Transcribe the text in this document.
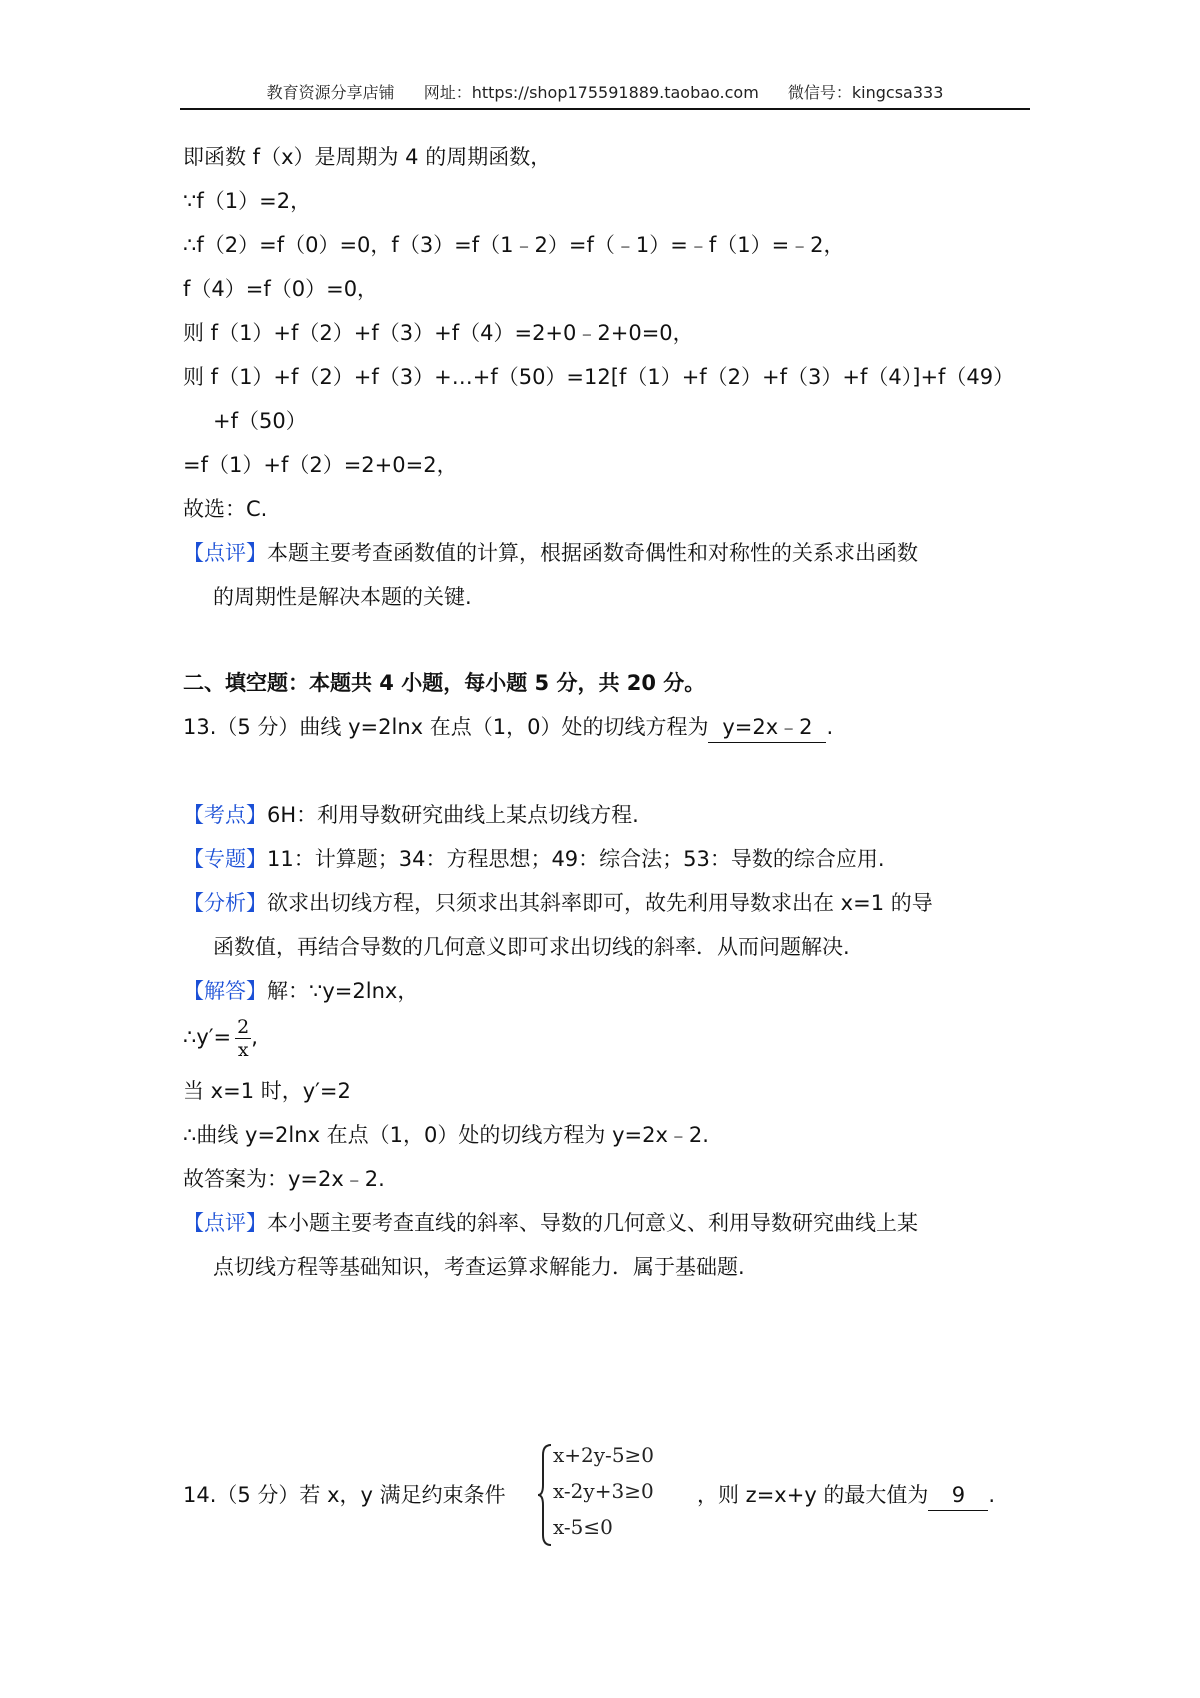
教育资源分享店铺 网址：https://shop175591889.taobao.com 微信号：kingcsa333
即函数 f（x）是周期为 4 的周期函数，
∵f（1）=2，
∴f（2）=f（0）=0，f（3）=f（1﹣2）=f（﹣1）=﹣f（1）=﹣2，
f（4）=f（0）=0，
则 f（1）+f（2）+f（3）+f（4）=2+0﹣2+0=0，
则 f（1）+f（2）+f（3）+…+f（50）=12[f（1）+f（2）+f（3）+f（4）]+f（49）
+f（50）
=f（1）+f（2）=2+0=2，
故选：C.
【点评】本题主要考查函数值的计算，根据函数奇偶性和对称性的关系求出函数
的周期性是解决本题的关键.
二、填空题：本题共 4 小题，每小题 5 分，共 20 分。
13.（5 分）曲线 y=2lnx 在点（1，0）处的切线方程为 y=2x﹣2 .
【考点】6H：利用导数研究曲线上某点切线方程.
【专题】11：计算题；34：方程思想；49：综合法；53：导数的综合应用.
【分析】欲求出切线方程，只须求出其斜率即可，故先利用导数求出在 x=1 的导
函数值，再结合导数的几何意义即可求出切线的斜率．从而问题解决.
【解答】解：∵y=2lnx，
∴y′= $\frac{2}{x}$ ,
当 x=1 时，y′=2
∴曲线 y=2lnx 在点（1，0）处的切线方程为 y=2x﹣2.
故答案为：y=2x﹣2.
【点评】本小题主要考查直线的斜率、导数的几何意义、利用导数研究曲线上某
点切线方程等基础知识，考查运算求解能力．属于基础题.
14.（5 分）若 x，y 满足约束条件
x+2y-5≥0
x-2y+3≥0
x-5≤0
，则 z=x+y 的最大值为 9 .
